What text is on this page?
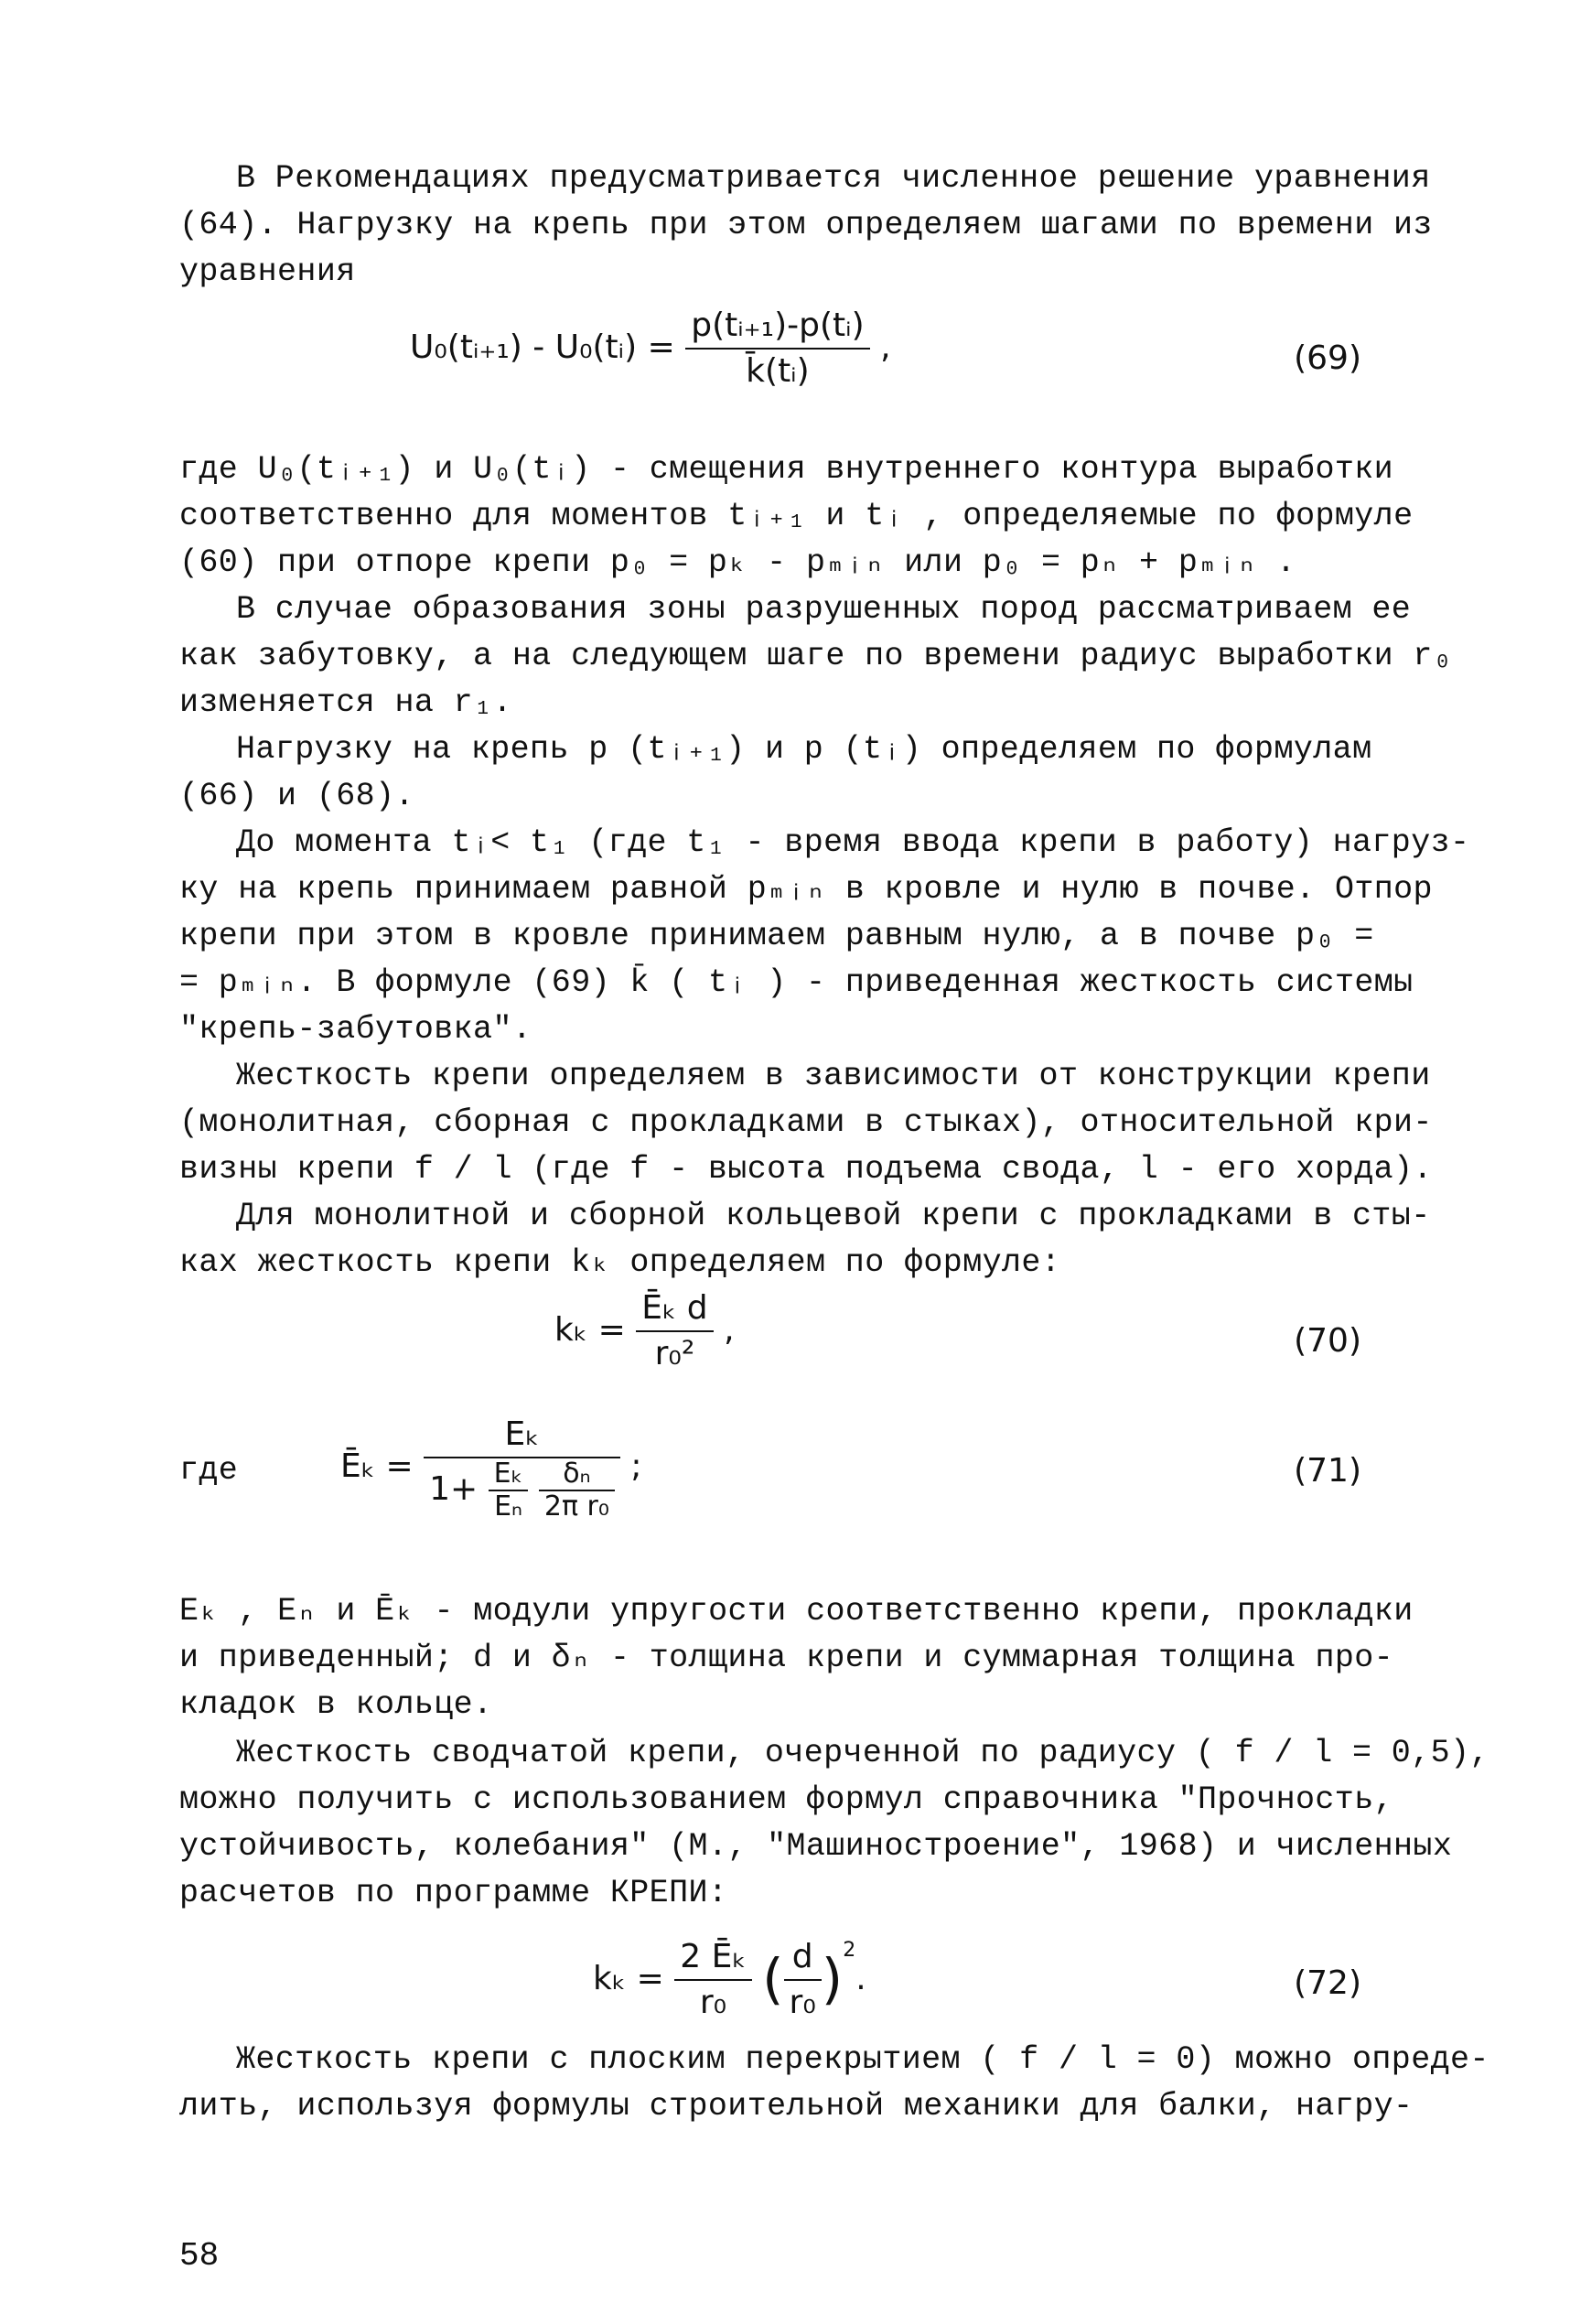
В Рекомендациях предусматривается численное решение уравнения
(64). Нагрузку на крепь при этом определяем шагами по времени из
уравнения
U₀(tᵢ₊₁) - U₀(tᵢ) = $\frac{\text{p(tᵢ₊₁)-p(tᵢ)}}{\text{k̄(tᵢ)}}$ ,	(69)
где U₀(tᵢ₊₁) и U₀(tᵢ) - смещения внутреннего контура выработки
соответственно для моментов tᵢ₊₁ и tᵢ , определяемые по формуле
(60) при отпоре крепи p₀ = pₖ - pₘᵢₙ или p₀ = pₙ + pₘᵢₙ .
В случае образования зоны разрушенных пород рассматриваем ее
как забутовку, а на следующем шаге по времени радиус выработки r₀
изменяется на r₁.
Нагрузку на крепь p (tᵢ₊₁) и p (tᵢ) определяем по формулам
(66) и (68).
До момента tᵢ< t₁ (где t₁ - время ввода крепи в работу) нагруз-
ку на крепь принимаем равной pₘᵢₙ в кровле и нулю в почве. Отпор
крепи при этом в кровле принимаем равным нулю, а в почве p₀ =
= pₘᵢₙ. В формуле (69) k̄ ( tᵢ ) - приведенная жесткость системы
"крепь-забутовка".
Жесткость крепи определяем в зависимости от конструкции крепи
(монолитная, сборная с прокладками в стыках), относительной кри-
визны крепи f / l (где f - высота подъема свода, l - его хорда).
Для монолитной и сборной кольцевой крепи с прокладками в сты-
ках жесткость крепи kₖ определяем по формуле:
$k_k = \frac{\text{Ēₖ d}}{\text{r₀²}}$ ,	(70)
где	Ēₖ =
Eₖ
$1+ \frac{\text{Eₖ}}{\text{Eₙ}}$
$\frac{\text{δₙ}}{\text{2π r₀}}$ ;	(71)
Eₖ , Eₙ и Ēₖ - модули упругости соответственно крепи, прокладки
и приведенный; d и δₙ - толщина крепи и суммарная толщина про-
кладок в кольце.
Жесткость сводчатой крепи, очерченной по радиусу ( f / l = 0,5),
можно получить с использованием формул справочника "Прочность,
устойчивость, колебания" (М., "Машиностроение", 1968) и численных
расчетов по программе КРЕПИ:
$k_k = \frac{\text{2 Ēₖ}}{\text{r₀}}$ ( $\frac{d}{\text{r₀}} )^2$.	(72)
Жесткость крепи с плоским перекрытием ( f / l = 0) можно опреде-
лить, используя формулы строительной механики для балки, нагру-
58
